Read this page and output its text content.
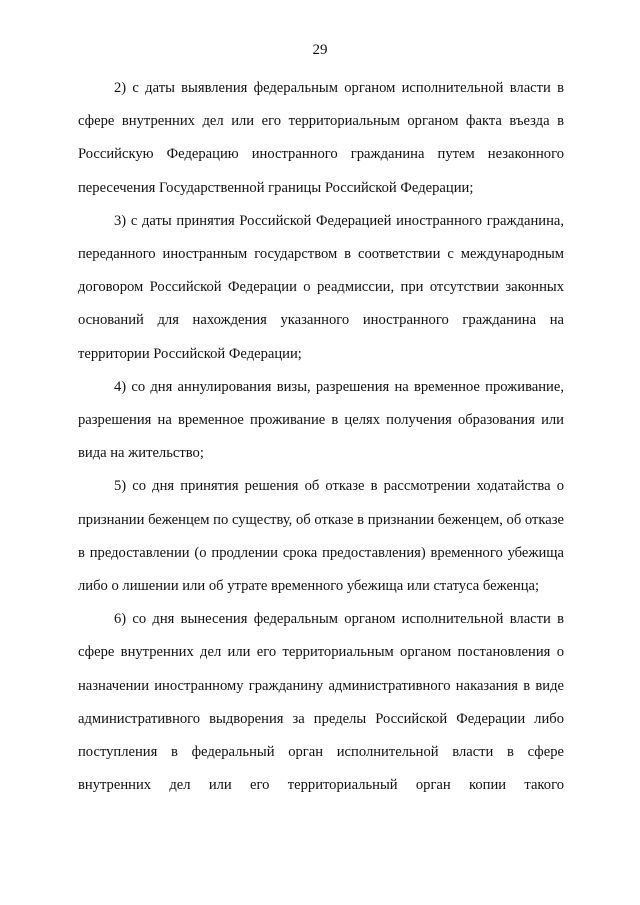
29

2) с даты выявления федеральным органом исполнительной власти в сфере внутренних дел или его территориальным органом факта въезда в Российскую Федерацию иностранного гражданина путем незаконного пересечения Государственной границы Российской Федерации;

3) с даты принятия Российской Федерацией иностранного гражданина, переданного иностранным государством в соответствии с международным договором Российской Федерации о реадмиссии, при отсутствии законных оснований для нахождения указанного иностранного гражданина на территории Российской Федерации;

4) со дня аннулирования визы, разрешения на временное проживание, разрешения на временное проживание в целях получения образования или вида на жительство;

5) со дня принятия решения об отказе в рассмотрении ходатайства о признании беженцем по существу, об отказе в признании беженцем, об отказе в предоставлении (о продлении срока предоставления) временного убежища либо о лишении или об утрате временного убежища или статуса беженца;

6) со дня вынесения федеральным органом исполнительной власти в сфере внутренних дел или его территориальным органом постановления о назначении иностранному гражданину административного наказания в виде административного выдворения за пределы Российской Федерации либо поступления в федеральный орган исполнительной власти в сфере внутренних дел или его территориальный орган копии такого
